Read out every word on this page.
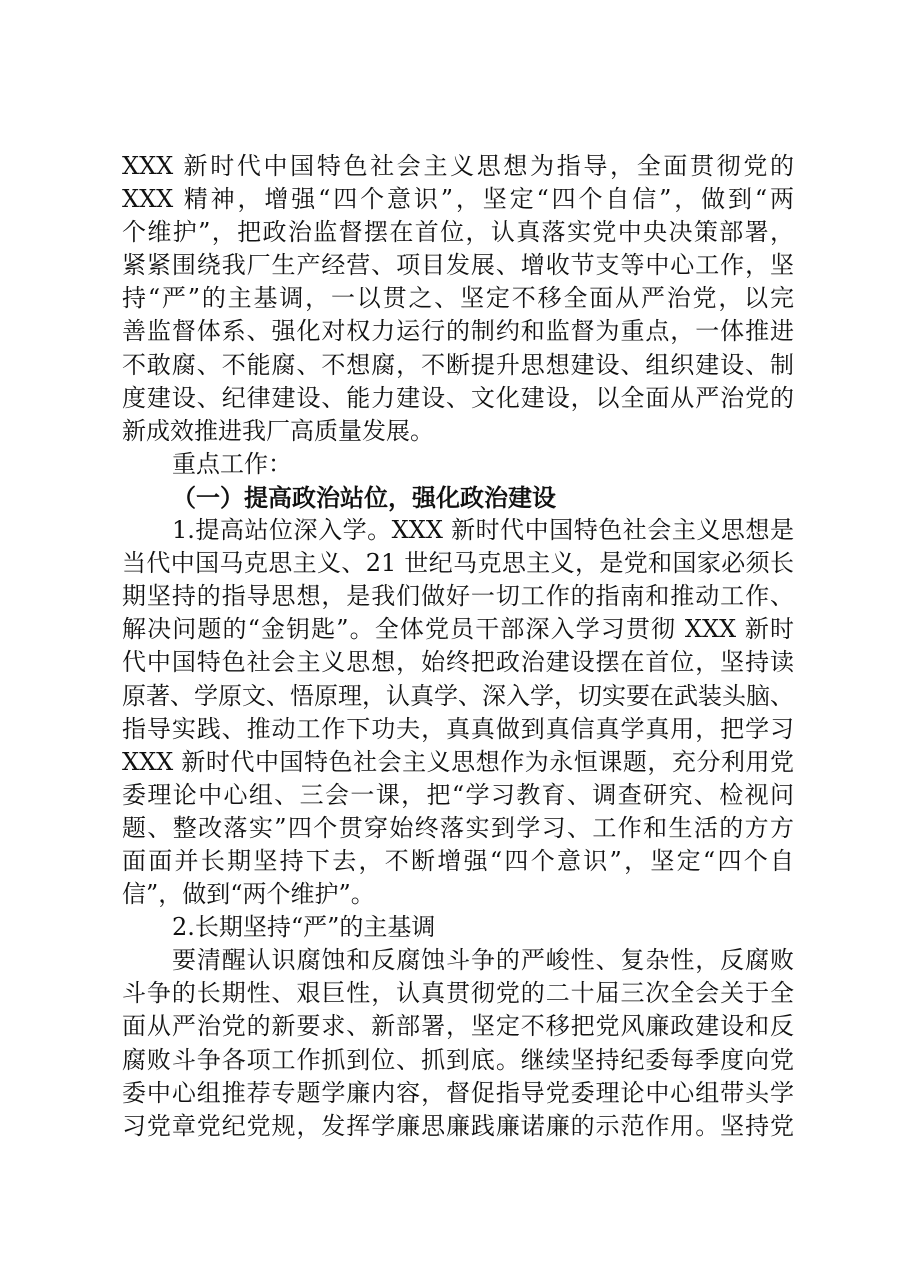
XXX 新时代中国特色社会主义思想为指导，全面贯彻党的
XXX 精神，增强“四个意识”，坚定“四个自信”，做到“两
个维护”，把政治监督摆在首位，认真落实党中央决策部署，
紧紧围绕我厂生产经营、项目发展、增收节支等中心工作，坚
持“严”的主基调，一以贯之、坚定不移全面从严治党，以完
善监督体系、强化对权力运行的制约和监督为重点，一体推进
不敢腐、不能腐、不想腐，不断提升思想建设、组织建设、制
度建设、纪律建设、能力建设、文化建设，以全面从严治党的
新成效推进我厂高质量发展。
重点工作：
（一）提高政治站位，强化政治建设
1.提高站位深入学。XXX 新时代中国特色社会主义思想是
当代中国马克思主义、21 世纪马克思主义，是党和国家必须长
期坚持的指导思想，是我们做好一切工作的指南和推动工作、
解决问题的“金钥匙”。全体党员干部深入学习贯彻 XXX 新时
代中国特色社会主义思想，始终把政治建设摆在首位，坚持读
原著、学原文、悟原理，认真学、深入学，切实要在武装头脑、
指导实践、推动工作下功夫，真真做到真信真学真用，把学习
XXX 新时代中国特色社会主义思想作为永恒课题，充分利用党
委理论中心组、三会一课，把“学习教育、调查研究、检视问
题、整改落实”四个贯穿始终落实到学习、工作和生活的方方
面面并长期坚持下去，不断增强“四个意识”，坚定“四个自
信”，做到“两个维护”。
2.长期坚持“严”的主基调
要清醒认识腐蚀和反腐蚀斗争的严峻性、复杂性，反腐败
斗争的长期性、艰巨性，认真贯彻党的二十届三次全会关于全
面从严治党的新要求、新部署，坚定不移把党风廉政建设和反
腐败斗争各项工作抓到位、抓到底。继续坚持纪委每季度向党
委中心组推荐专题学廉内容，督促指导党委理论中心组带头学
习党章党纪党规，发挥学廉思廉践廉诺廉的示范作用。坚持党
